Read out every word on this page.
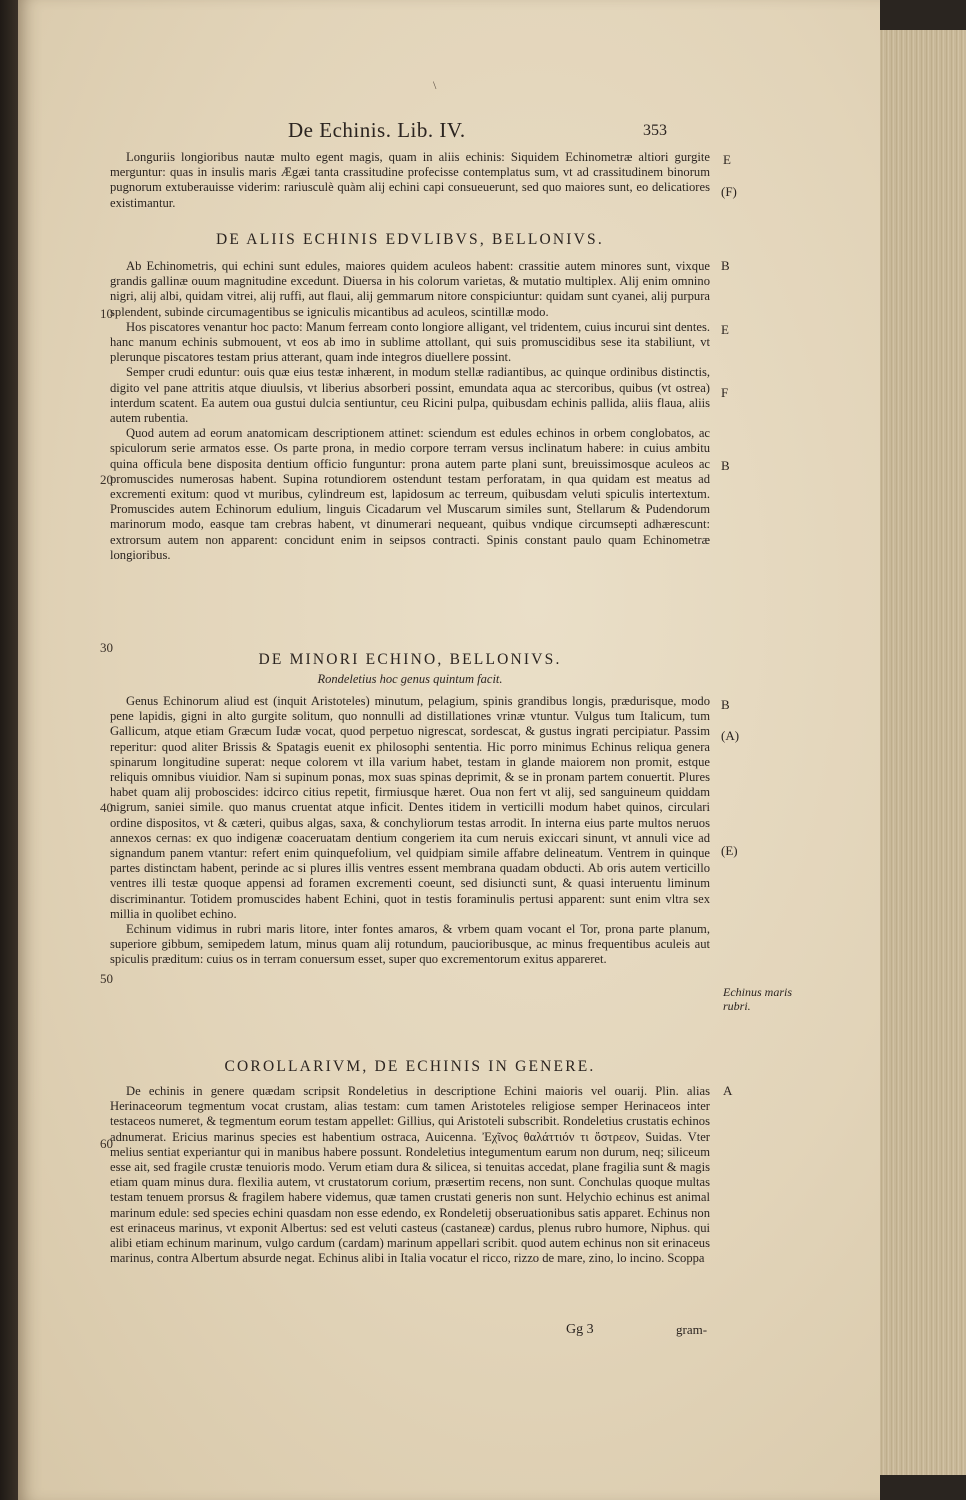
\
De Echinis. Lib. IV.	353

Longuriis longioribus nautæ multo egent magis, quam in aliis echinis: Siquidem Echinometræ altiori gurgite merguntur: quas in insulis maris Ægæi tanta crassitudine profecisse contemplatus sum, vt ad crassitudinem binorum pugnorum extuberauisse viderim: rariusculè quàm alij echini capi consueuerunt, sed quo maiores sunt, eo delicatiores existimantur.

DE ALIIS ECHINIS EDVLIBVS, BELLONIVS.

Ab Echinometris, qui echini sunt edules, maiores quidem aculeos habent: crassitie autem minores sunt, vixque grandis gallinæ ouum magnitudine excedunt. Diuersa in his colorum varietas, & mutatio multiplex. Alij enim omnino nigri, alij albi, quidam vitrei, alij ruffi, aut flaui, alij gemmarum nitore conspiciuntur: quidam sunt cyanei, alij purpura splendent, subinde circumagentibus se igniculis micantibus ad aculeos, scintillæ modo.

Hos piscatores venantur hoc pacto: Manum ferream conto longiore alligant, vel tridentem, cuius incurui sint dentes. hanc manum echinis submouent, vt eos ab imo in sublime attollant, qui suis promuscidibus sese ita stabiliunt, vt plerunque piscatores testam prius atterant, quam inde integros diuellere possint.

Semper crudi eduntur: ouis quæ eius testæ inhærent, in modum stellæ radiantibus, ac quinque ordinibus distinctis, digito vel pane attritis atque diuulsis, vt liberius absorberi possint, emundata aqua ac stercoribus, quibus (vt ostrea) interdum scatent. Ea autem oua gustui dulcia sentiuntur, ceu Ricini pulpa, quibusdam echinis pallida, aliis flaua, aliis autem rubentia.

Quod autem ad eorum anatomicam descriptionem attinet: sciendum est edules echinos in orbem conglobatos, ac spiculorum serie armatos esse. Os parte prona, in medio corpore terram versus inclinatum habere: in cuius ambitu quina officula bene disposita dentium officio funguntur: prona autem parte plani sunt, breuissimosque aculeos ac promuscides numerosas habent. Supina rotundiorem ostendunt testam perforatam, in qua quidam est meatus ad excrementi exitum: quod vt muribus, cylindreum est, lapidosum ac terreum, quibusdam veluti spiculis intertextum. Promuscides autem Echinorum edulium, linguis Cicadarum vel Muscarum similes sunt, Stellarum & Pudendorum marinorum modo, easque tam crebras habent, vt dinumerari nequeant, quibus vndique circumsepti adhærescunt: extrorsum autem non apparent: concidunt enim in seipsos contracti. Spinis constant paulo quam Echinometræ longioribus.

DE MINORI ECHINO, BELLONIVS.
Rondeletius hoc genus quintum facit.

Genus Echinorum aliud est (inquit Aristoteles) minutum, pelagium, spinis grandibus longis, prædurisque, modo pene lapidis, gigni in alto gurgite solitum, quo nonnulli ad distillationes vrinæ vtuntur. Vulgus tum Italicum, tum Gallicum, atque etiam Græcum Iudæ vocat, quod perpetuo nigrescat, sordescat, & gustus ingrati percipiatur. Passim reperitur: quod aliter Brissis & Spatagis euenit ex philosophi sententia. Hic porro minimus Echinus reliqua genera spinarum longitudine superat: neque colorem vt illa varium habet, testam in glande maiorem non promit, estque reliquis omnibus viuidior. Nam si supinum ponas, mox suas spinas deprimit, & se in pronam partem conuertit. Plures habet quam alij proboscides: idcirco citius repetit, firmiusque hæret. Oua non fert vt alij, sed sanguineum quiddam nigrum, saniei simile. quo manus cruentat atque inficit. Dentes itidem in verticilli modum habet quinos, circulari ordine dispositos, vt & cæteri, quibus algas, saxa, & conchyliorum testas arrodit. In interna eius parte multos neruos annexos cernas: ex quo indigenæ coaceruatam dentium congeriem ita cum neruis exiccari sinunt, vt annuli vice ad signandum panem vtantur: refert enim quinquefolium, vel quidpiam simile affabre delineatum. Ventrem in quinque partes distinctam habent, perinde ac si plures illis ventres essent membrana quadam obducti. Ab oris autem verticillo ventres illi testæ quoque appensi ad foramen excrementi coeunt, sed disiuncti sunt, & quasi interuentu liminum discriminantur. Totidem promuscides habent Echini, quot in testis foraminulis pertusi apparent: sunt enim vltra sex millia in quolibet echino.

Echinum vidimus in rubri maris litore, inter fontes amaros, & vrbem quam vocant el Tor, prona parte planum, superiore gibbum, semipedem latum, minus quam alij rotundum, paucioribusque, ac minus frequentibus aculeis aut spiculis præditum: cuius os in terram conuersum esset, super quo excrementorum exitus appareret.

COROLLARIVM, DE ECHINIS IN GENERE.

De echinis in genere quædam scripsit Rondeletius in descriptione Echini maioris vel ouarij. Plin. alias Herinaceorum tegmentum vocat crustam, alias testam: cum tamen Aristoteles religiose semper Herinaceos inter testaceos numeret, & tegmentum eorum testam appellet: Gillius, qui Aristoteli subscribit. Rondeletius crustatis echinos adnumerat. Ericius marinus species est habentium ostraca, Auicenna. Ἐχῖνος θαλάττιόν τι ὄστρεον, Suidas. Vter melius sentiat experiantur qui in manibus habere possunt. Rondeletius integumentum earum non durum, neq; siliceum esse ait, sed fragile crustæ tenuioris modo. Verum etiam dura & silicea, si tenuitas accedat, plane fragilia sunt & magis etiam quam minus dura. flexilia autem, vt crustatorum corium, præsertim recens, non sunt. Conchulas quoque multas testam tenuem prorsus & fragilem habere videmus, quæ tamen crustati generis non sunt. Helychio echinus est animal marinum edule: sed species echini quasdam non esse edendo, ex Rondeletij obseruationibus satis apparet. Echinus non est erinaceus marinus, vt exponit Albertus: sed est veluti casteus (castaneæ) cardus, plenus rubro humore, Niphus. qui alibi etiam echinum marinum, vulgo cardum (cardam) marinum appellari scribit. quod autem echinus non sit erinaceus marinus, contra Albertum absurde negat. Echinus alibi in Italia vocatur el ricco, rizzo de mare, zino, lo incino. Scoppa

E
(F)
B
E
F
B
B
(A)
(E)
A
10
20
30
40
50
60
Echinus maris rubri.
Gg 3	gram-
